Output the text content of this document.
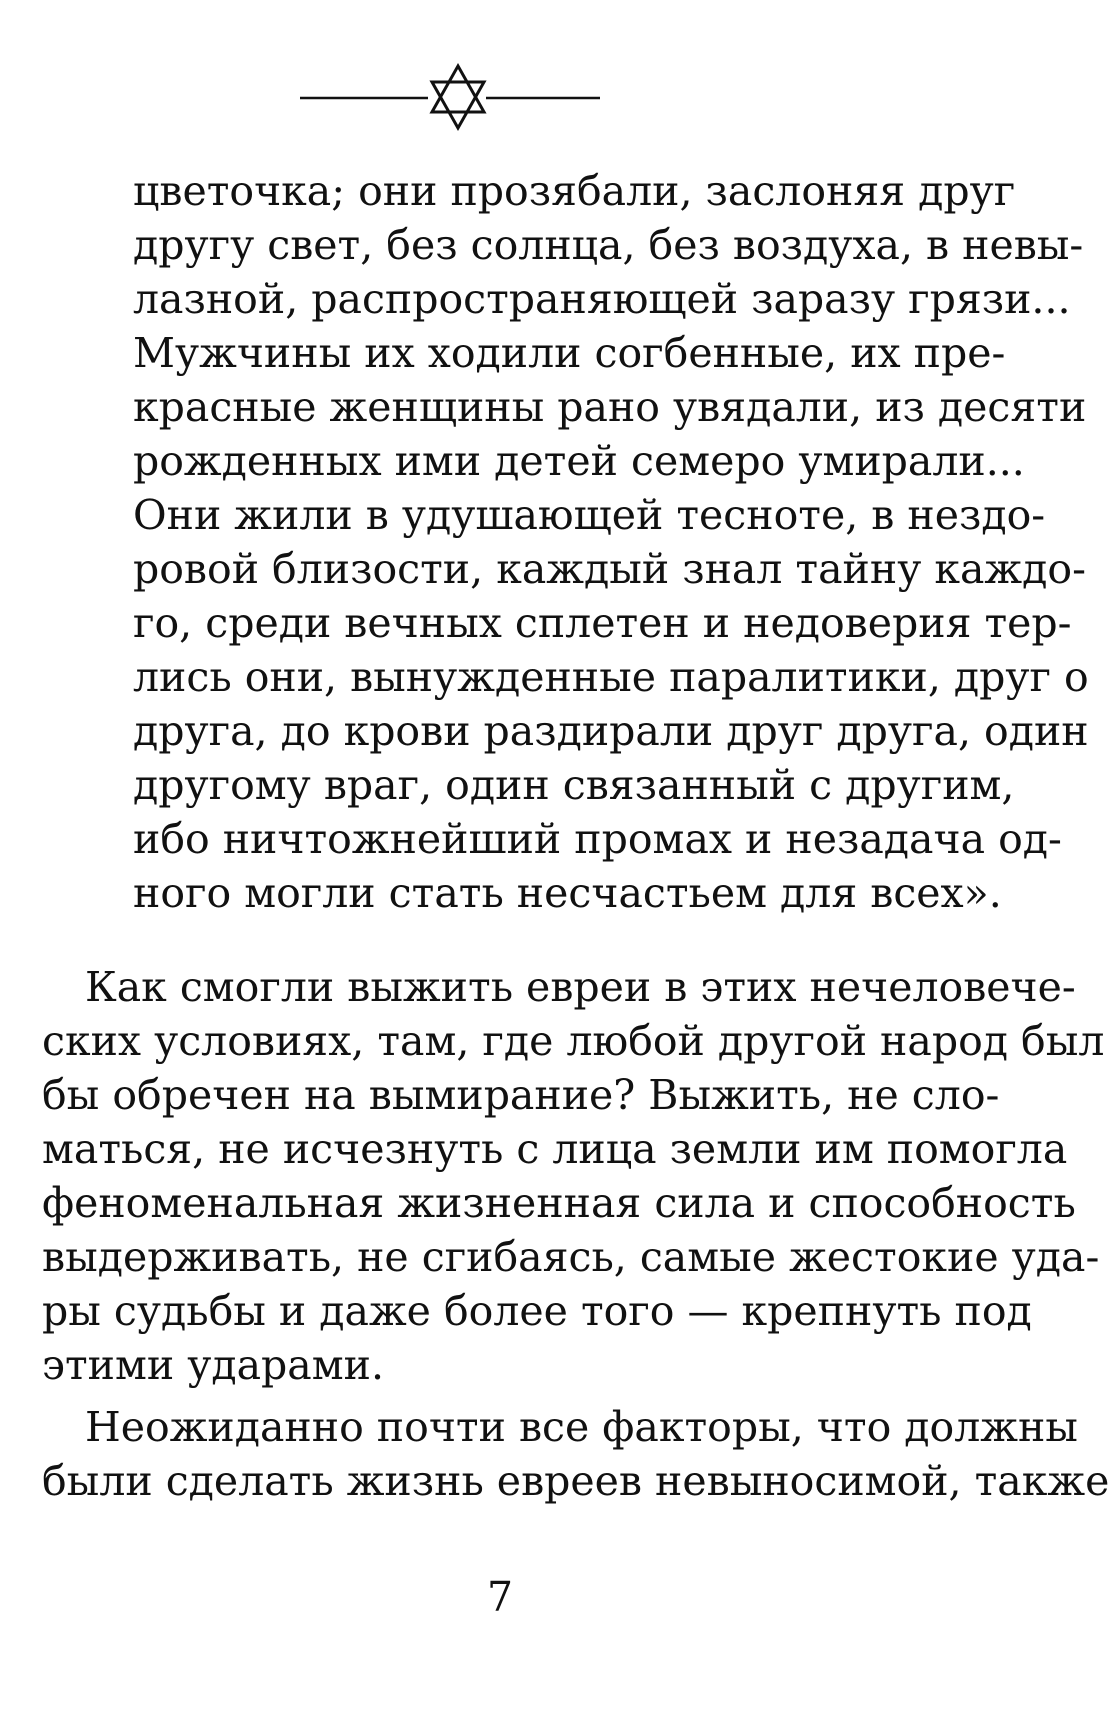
цветочка; они прозябали, заслоняя друг
другу свет, без солнца, без воздуха, в невы-
лазной, распространяющей заразу грязи...
Мужчины их ходили согбенные, их пре-
красные женщины рано увядали, из десяти
рожденных ими детей семеро умирали...
Они жили в удушающей тесноте, в нездо-
ровой близости, каждый знал тайну каждо-
го, среди вечных сплетен и недоверия тер-
лись они, вынужденные паралитики, друг о
друга, до крови раздирали друг друга, один
другому враг, один связанный с другим,
ибо ничтожнейший промах и незадача од-
ного могли стать несчастьем для всех».
Как смогли выжить евреи в этих нечеловече-
ских условиях, там, где любой другой народ был
бы обречен на вымирание? Выжить, не сло-
маться, не исчезнуть с лица земли им помогла
феноменальная жизненная сила и способность
выдерживать, не сгибаясь, самые жестокие уда-
ры судьбы и даже более того — крепнуть под
этими ударами.
Неожиданно почти все факторы, что должны
были сделать жизнь евреев невыносимой, также
7
